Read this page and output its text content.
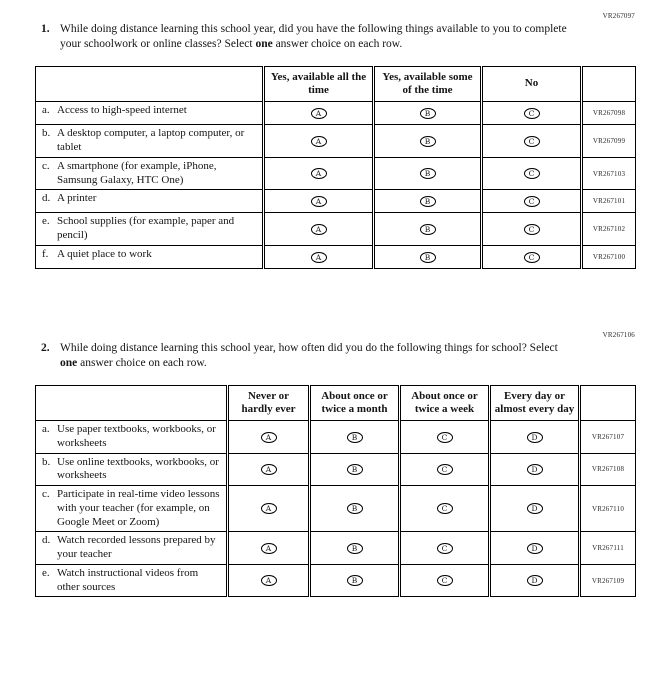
VR267097
1. While doing distance learning this school year, did you have the following things available to you to complete your schoolwork or online classes? Select one answer choice on each row.
	Yes, available all the time	Yes, available some of the time	No	

a. Access to high-speed internet	A	B	C	VR267098

b. A desktop computer, a laptop computer, or tablet	A	B	C	VR267099

c. A smartphone (for example, iPhone, Samsung Galaxy, HTC One)	A	B	C	VR267103

d. A printer	A	B	C	VR267101

e. School supplies (for example, paper and pencil)	A	B	C	VR267102

f. A quiet place to work	A	B	C	VR267100
VR267106
2. While doing distance learning this school year, how often did you do the following things for school? Select one answer choice on each row.
	Never or hardly ever	About once or twice a month	About once or twice a week	Every day or almost every day	

a. Use paper textbooks, workbooks, or worksheets	A	B	C	D	VR267107

b. Use online textbooks, workbooks, or worksheets	A	B	C	D	VR267108

c. Participate in real-time video lessons with your teacher (for example, on Google Meet or Zoom)	A	B	C	D	VR267110

d. Watch recorded lessons prepared by your teacher	A	B	C	D	VR267111

e. Watch instructional videos from other sources	A	B	C	D	VR267109
